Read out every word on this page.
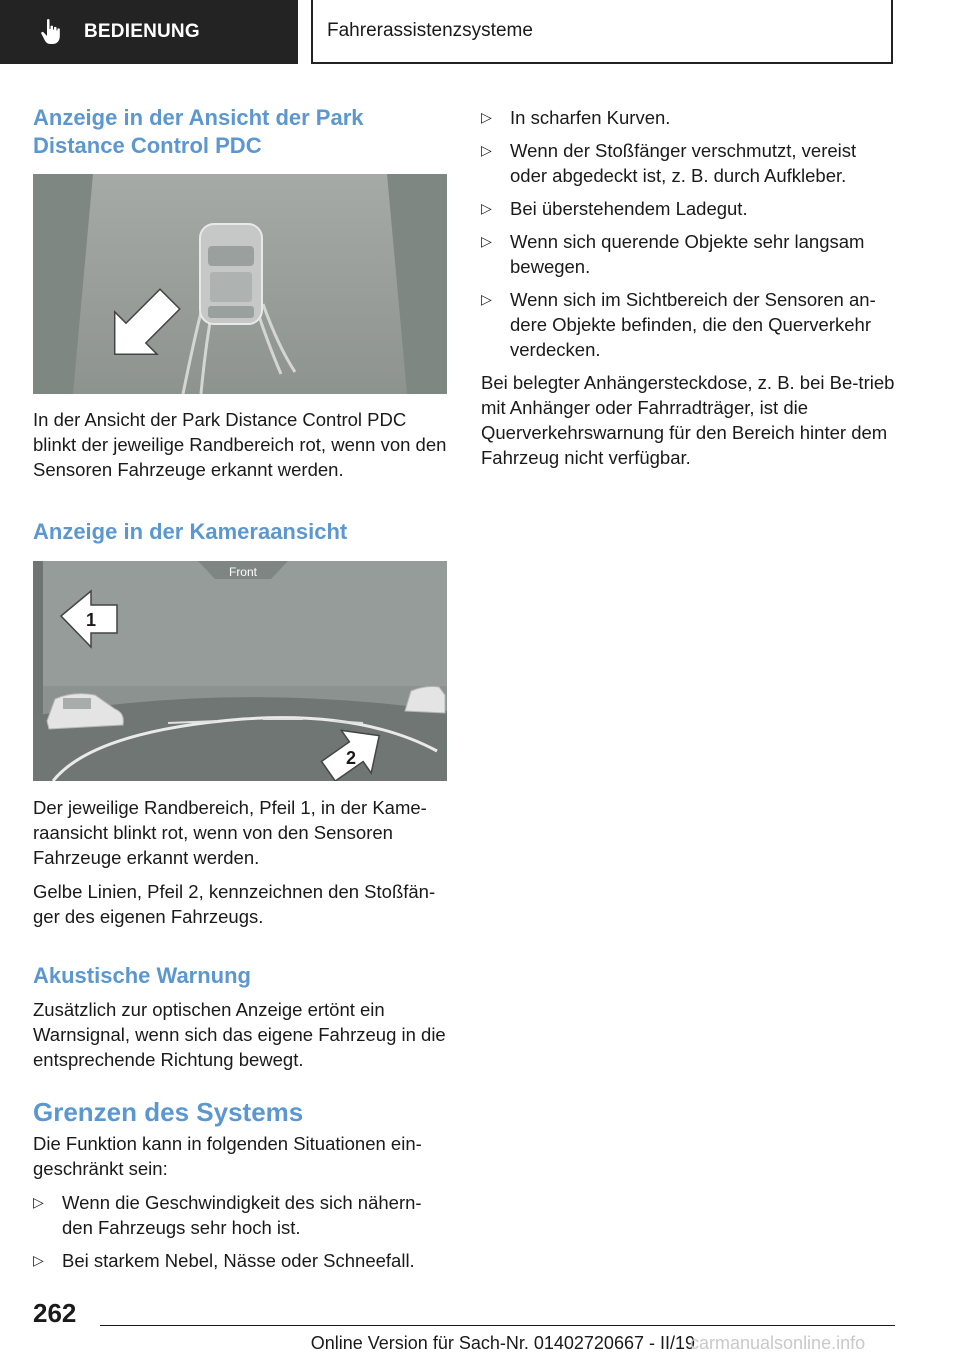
BEDIENUNG	Fahrerassistenzsysteme
Anzeige in der Ansicht der Park Distance Control PDC

In der Ansicht der Park Distance Control PDC blinkt der jeweilige Randbereich rot, wenn von den Sensoren Fahrzeuge erkannt werden.

Anzeige in der Kameraansicht
Front
1
2

Der jeweilige Randbereich, Pfeil 1, in der Kame-raansicht blinkt rot, wenn von den Sensoren Fahrzeuge erkannt werden.

Gelbe Linien, Pfeil 2, kennzeichnen den Stoßfän-ger des eigenen Fahrzeugs.

Akustische Warnung

Zusätzlich zur optischen Anzeige ertönt ein Warnsignal, wenn sich das eigene Fahrzeug in die entsprechende Richtung bewegt.

Grenzen des Systems

Die Funktion kann in folgenden Situationen ein-geschränkt sein:

▷ Wenn die Geschwindigkeit des sich nähern-den Fahrzeugs sehr hoch ist.
▷ Bei starkem Nebel, Nässe oder Schneefall.
▷ In scharfen Kurven.
▷ Wenn der Stoßfänger verschmutzt, vereist oder abgedeckt ist, z. B. durch Aufkleber.
▷ Bei überstehendem Ladegut.
▷ Wenn sich querende Objekte sehr langsam bewegen.
▷ Wenn sich im Sichtbereich der Sensoren an-dere Objekte befinden, die den Querverkehr verdecken.

Bei belegter Anhängersteckdose, z. B. bei Be-trieb mit Anhänger oder Fahrradträger, ist die Querverkehrswarnung für den Bereich hinter dem Fahrzeug nicht verfügbar.

262
Online Version für Sach-Nr. 01402720667 - II/19
carmanualsonline.info
